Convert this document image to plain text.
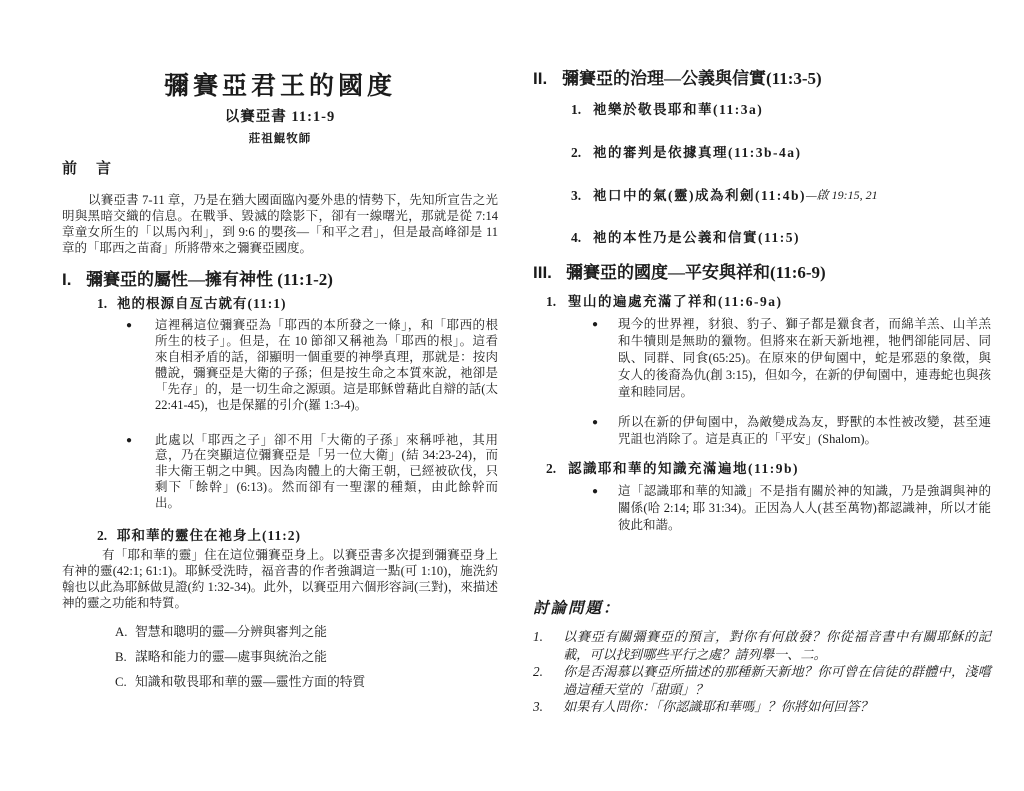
彌賽亞君王的國度
以賽亞書 11:1-9
莊祖鯤牧師
前　言

以賽亞書 7-11 章，乃是在猶大國面臨內憂外患的情勢下，先知所宣告之光明與黑暗交織的信息。在戰爭、毀滅的陰影下，卻有一線曙光，那就是從 7:14 章童女所生的「以馬內利」，到 9:6 的嬰孩—「和平之君」，但是最高峰卻是 11 章的「耶西之苗裔」所將帶來之彌賽亞國度。

I. 彌賽亞的屬性—擁有神性 (11:1-2)
1. 祂的根源自亙古就有(11:1)
●	這裡稱這位彌賽亞為「耶西的本所發之一條」，和「耶西的根所生的枝子」。但是，在 10 節卻又稱祂為「耶西的根」。這看來自相矛盾的話，卻顯明一個重要的神學真理，那就是：按肉體說，彌賽亞是大衛的子孫；但是按生命之本質來說，祂卻是「先存」的，是一切生命之源頭。這是耶穌曾藉此自辯的話(太 22:41-45)，也是保羅的引介(羅 1:3-4)。
●	此處以「耶西之子」卻不用「大衛的子孫」來稱呼祂，其用意，乃在突顯這位彌賽亞是「另一位大衛」(結 34:23-24)，而非大衛王朝之中興。因為肉體上的大衛王朝，已經被砍伐，只剩下「餘幹」(6:13)。然而卻有一聖潔的種類，由此餘幹而出。
2. 耶和華的靈住在祂身上(11:2)

有「耶和華的靈」住在這位彌賽亞身上。以賽亞書多次提到彌賽亞身上有神的靈(42:1; 61:1)。耶穌受洗時，福音書的作者強調這一點(可 1:10)，施洗約翰也以此為耶穌做見證(約 1:32-34)。此外，以賽亞用六個形容詞(三對)，來描述神的靈之功能和特質。

A. 智慧和聰明的靈—分辨與審判之能
B. 謀略和能力的靈—處事與統治之能
C. 知識和敬畏耶和華的靈—靈性方面的特質
II. 彌賽亞的治理—公義與信實(11:3-5)
1. 祂樂於敬畏耶和華(11:3a)
2. 祂的審判是依據真理(11:3b-4a)
3. 祂口中的氣(靈)成為利劍(11:4b) —啟 19:15, 21
4. 祂的本性乃是公義和信實(11:5)
III. 彌賽亞的國度—平安與祥和(11:6-9)
1. 聖山的遍處充滿了祥和(11:6-9a)
●	現今的世界裡，豺狼、豹子、獅子都是獵食者，而綿羊羔、山羊羔和牛犢則是無助的獵物。但將來在新天新地裡，牠們卻能同居、同臥、同群、同食(65:25)。在原來的伊甸園中，蛇是邪惡的象徵，與女人的後裔為仇(創 3:15)，但如今，在新的伊甸園中，連毒蛇也與孩童和睦同居。
●	所以在新的伊甸園中，為敵變成為友，野獸的本性被改變，甚至連咒詛也消除了。這是真正的「平安」(Shalom)。
2. 認識耶和華的知識充滿遍地(11:9b)
●	這「認識耶和華的知識」不是指有關於神的知識，乃是強調與神的關係(哈 2:14; 耶 31:34)。正因為人人(甚至萬物)都認識神，所以才能彼此和諧。
討論問題：
1.	以賽亞有關彌賽亞的預言，對你有何啟發？你從福音書中有關耶穌的記載，可以找到哪些平行之處？請列舉一、二。
2.	你是否渴慕以賽亞所描述的那種新天新地？你可曾在信徒的群體中，淺嚐過這種天堂的「甜頭」？
3.	如果有人問你：「你認識耶和華嗎」？你將如何回答？
